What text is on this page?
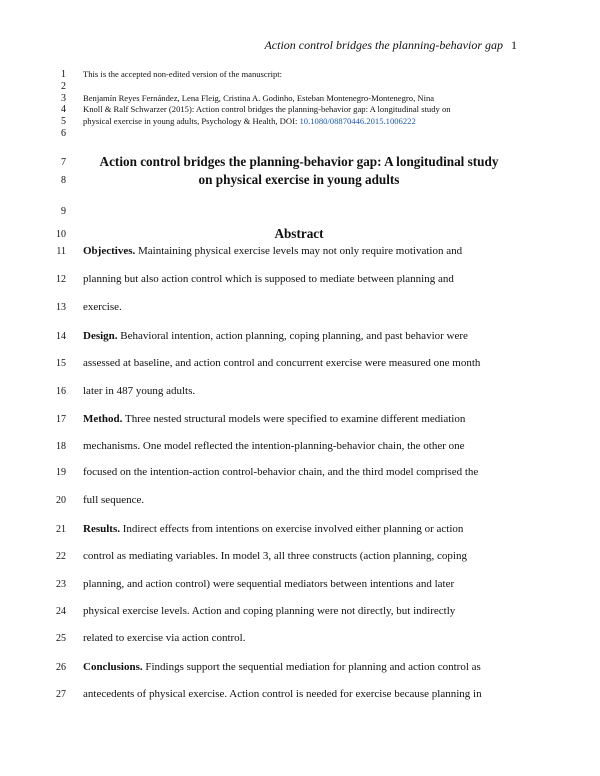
Action control bridges the planning-behavior gap 1
1
2
3
4
5
6
7
8
9
10
11
12
13
14
15
16
17
18
19
20
21
22
23
24
25
26
27
This is the accepted non-edited version of the manuscript:
Benjamín Reyes Fernández, Lena Fleig, Cristina A. Godinho, Esteban Montenegro-Montenegro, Nina
Knoll & Ralf Schwarzer (2015): Action control bridges the planning-behavior gap: A longitudinal study on
physical exercise in young adults, Psychology & Health, DOI: 10.1080/08870446.2015.1006222
Action control bridges the planning-behavior gap: A longitudinal study
on physical exercise in young adults
Abstract
Objectives. Maintaining physical exercise levels may not only require motivation and
planning but also action control which is supposed to mediate between planning and
exercise.
Design. Behavioral intention, action planning, coping planning, and past behavior were
assessed at baseline, and action control and concurrent exercise were measured one month
later in 487 young adults.
Method. Three nested structural models were specified to examine different mediation
mechanisms. One model reflected the intention-planning-behavior chain, the other one
focused on the intention-action control-behavior chain, and the third model comprised the
full sequence.
Results. Indirect effects from intentions on exercise involved either planning or action
control as mediating variables. In model 3, all three constructs (action planning, coping
planning, and action control) were sequential mediators between intentions and later
physical exercise levels. Action and coping planning were not directly, but indirectly
related to exercise via action control.
Conclusions. Findings support the sequential mediation for planning and action control as
antecedents of physical exercise. Action control is needed for exercise because planning in
